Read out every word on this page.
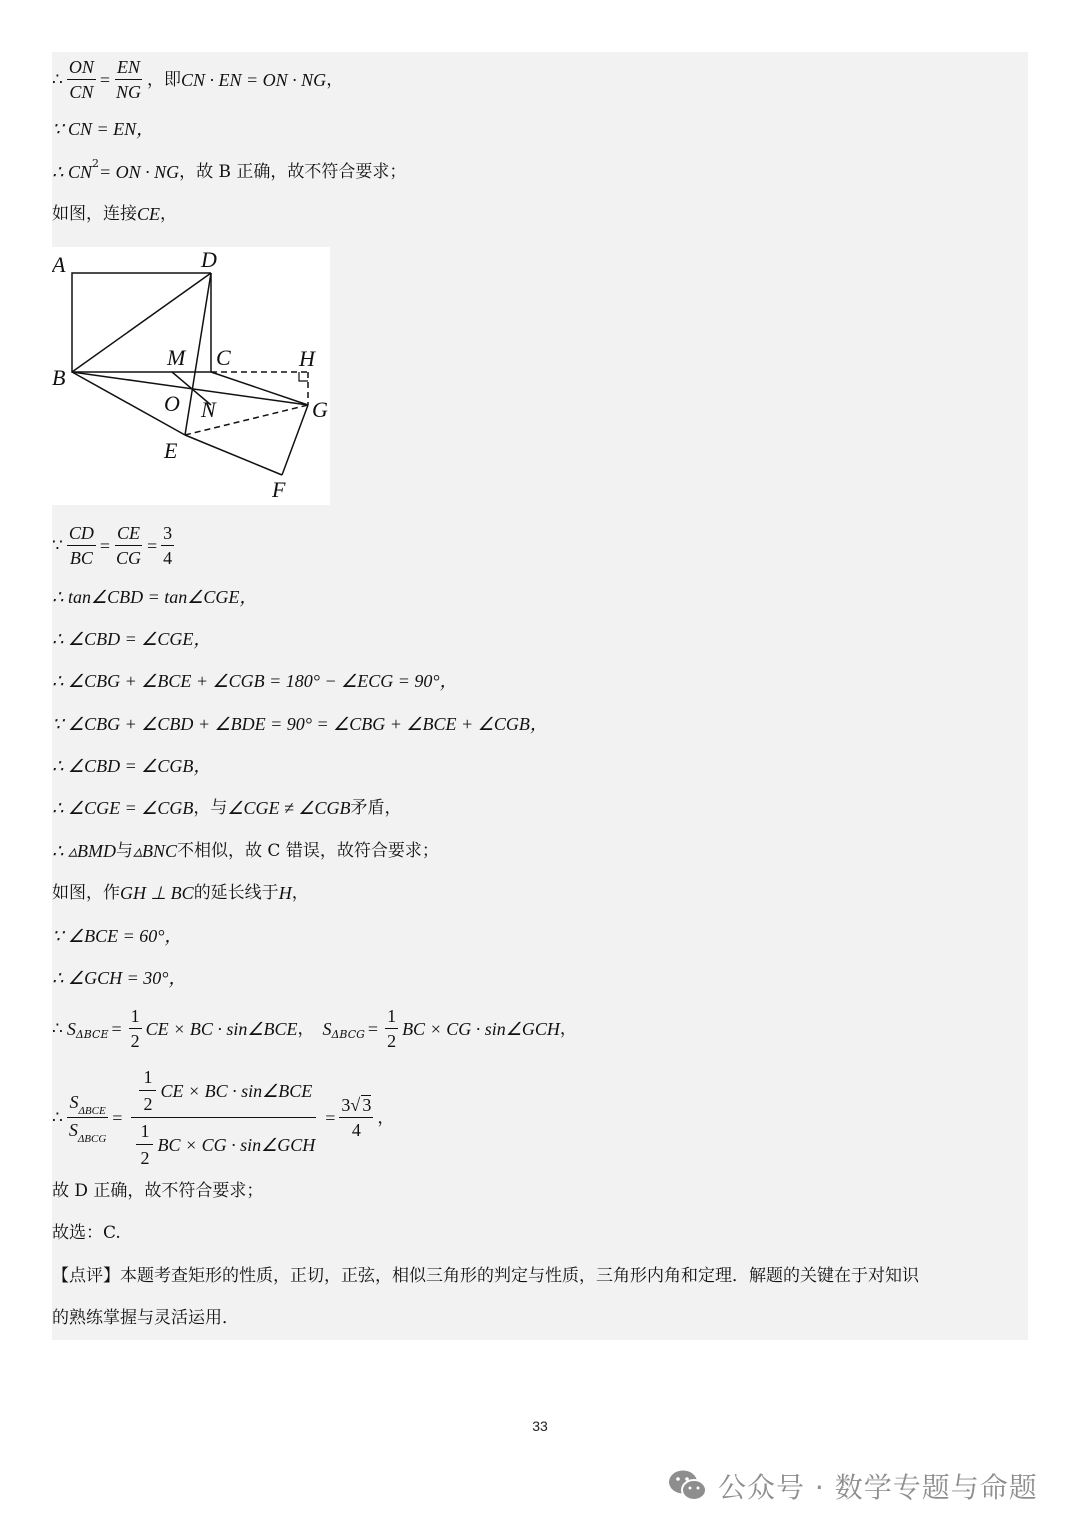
∴ $\frac{ON}{CN} = \frac{EN}{NG}$ ，即 CN · EN = ON · NG ，
∵ CN = EN，
∴ CN 2 = ON · NG ，故 B 正确，故不符合要求；
如图，连接 CE ，
A	D
B
M C	H
O N	G
E
F
∵ $\frac{CD}{BC} = \frac{CE}{CG} = \frac{3}{4}$
∴ tan∠CBD = tan∠CGE，
∴ ∠CBD = ∠CGE，
∴ ∠CBG + ∠BCE + ∠CGB = 180° − ∠ECG = 90°，
∵ ∠CBG + ∠CBD + ∠BDE = 90° = ∠CBG + ∠BCE + ∠CGB，
∴ ∠CBD = ∠CGB，
∴ ∠CGE = ∠CGB ，与 ∠CGE ≠ ∠CGB 矛盾，
∴ ▵BMD 与 ▵BNC 不相似，故 C 错误，故符合要求；
如图，作 GH ⊥ BC 的延长线于 H ，
∵ ∠BCE = 60°，
∴ ∠GCH = 30°，
∴ S $\Delta BCE = \frac{1}{2}$ CE × BC · sin∠BCE ， S $\Delta BCG = \frac{1}{2}$ BC × CG · sin∠GCH ，
∴ $\frac{S_{\Delta BCE}}{S_{\Delta BCG}} = \frac{\frac{1}{2} CE \times BC \cdot \sin\angle BCE}{\frac{1}{2} BC \times CG \cdot \sin\angle GCH} = \frac{3√ 3}{4}$ ，
故 D 正确，故不符合要求；
故选：C.
【点评】本题考查矩形的性质，正切，正弦，相似三角形的判定与性质，三角形内角和定理．解题的关键在于对知识
的熟练掌握与灵活运用．
33
公众号 · 数学专题与命题
